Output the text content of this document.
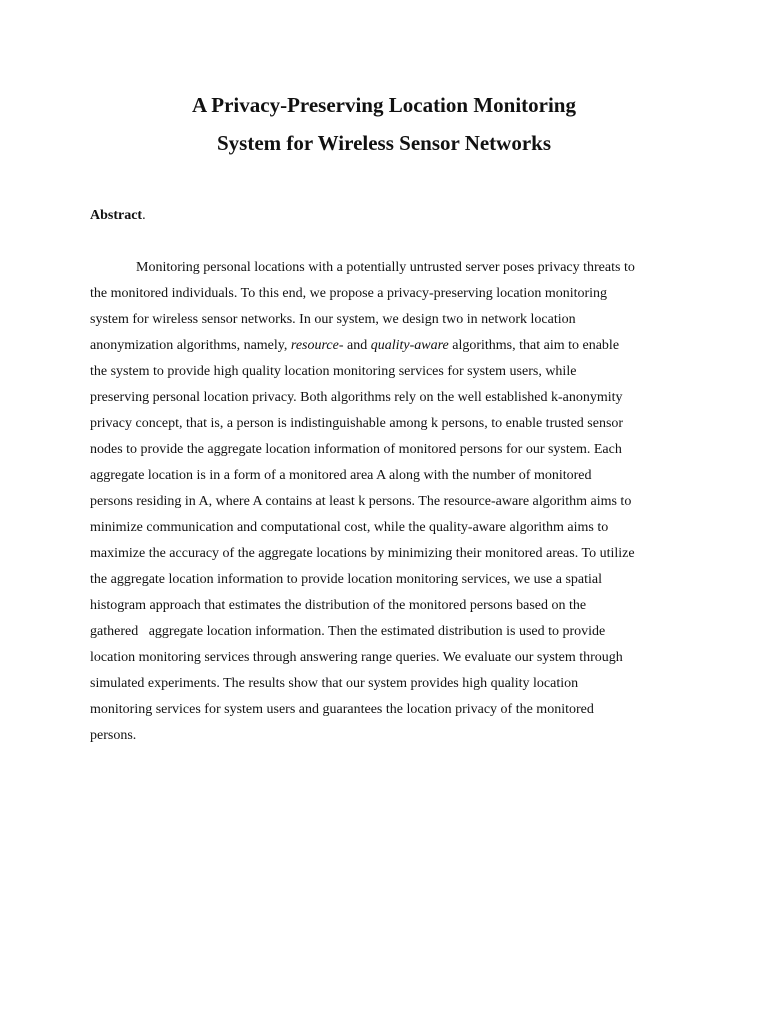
A Privacy-Preserving Location Monitoring
System for Wireless Sensor Networks
Abstract.
Monitoring personal locations with a potentially untrusted server poses privacy threats to
the monitored individuals. To this end, we propose a privacy-preserving location monitoring
system for wireless sensor networks. In our system, we design two in network location
anonymization algorithms, namely, resource- and quality-aware algorithms, that aim to enable
the system to provide high quality location monitoring services for system users, while
preserving personal location privacy. Both algorithms rely on the well established k-anonymity
privacy concept, that is, a person is indistinguishable among k persons, to enable trusted sensor
nodes to provide the aggregate location information of monitored persons for our system. Each
aggregate location is in a form of a monitored area A along with the number of monitored
persons residing in A, where A contains at least k persons. The resource-aware algorithm aims to
minimize communication and computational cost, while the quality-aware algorithm aims to
maximize the accuracy of the aggregate locations by minimizing their monitored areas. To utilize
the aggregate location information to provide location monitoring services, we use a spatial
histogram approach that estimates the distribution of the monitored persons based on the
gathered   aggregate location information. Then the estimated distribution is used to provide
location monitoring services through answering range queries. We evaluate our system through
simulated experiments. The results show that our system provides high quality location
monitoring services for system users and guarantees the location privacy of the monitored
persons.
